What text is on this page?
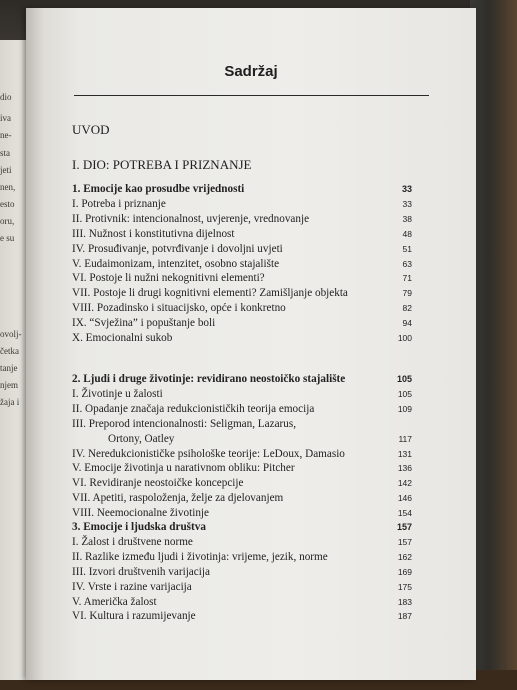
dio
iva
ne-
sta
jeti
nen,
esto
oru,
e su
ovolj-
četka
tanje
njem
žaja i
Sadržaj
UVOD
I. DIO: POTREBA I PRIZNANJE
1. Emocije kao prosudbe vrijednosti	33
I. Potreba i priznanje	33
II. Protivnik: intencionalnost, uvjerenje, vrednovanje	38
III. Nužnost i konstitutivna dijelnost	48
IV. Prosuđivanje, potvrđivanje i dovoljni uvjeti	51
V. Eudaimonizam, intenzitet, osobno stajalište	63
VI. Postoje li nužni nekognitivni elementi?	71
VII. Postoje li drugi kognitivni elementi? Zamišljanje objekta	79
VIII. Pozadinsko i situacijsko, opće i konkretno	82
IX. “Svježina” i popuštanje boli	94
X. Emocionalni sukob	100
2. Ljudi i druge životinje: revidirano neostoičko stajalište	105
I. Životinje u žalosti	105
II. Opadanje značaja redukcionističkih teorija emocija	109
III. Preporod intencionalnosti: Seligman, Lazarus,
Ortony, Oatley	117
IV. Neredukcionističke psihološke teorije: LeDoux, Damasio	131
V. Emocije životinja u narativnom obliku: Pitcher	136
VI. Revidiranje neostoičke koncepcije	142
VII. Apetiti, raspoloženja, želje za djelovanjem	146
VIII. Neemocionalne životinje	154
3. Emocije i ljudska društva	157
I. Žalost i društvene norme	157
II. Razlike između ljudi i životinja: vrijeme, jezik, norme	162
III. Izvori društvenih varijacija	169
IV. Vrste i razine varijacija	175
V. Američka žalost	183
VI. Kultura i razumijevanje	187
